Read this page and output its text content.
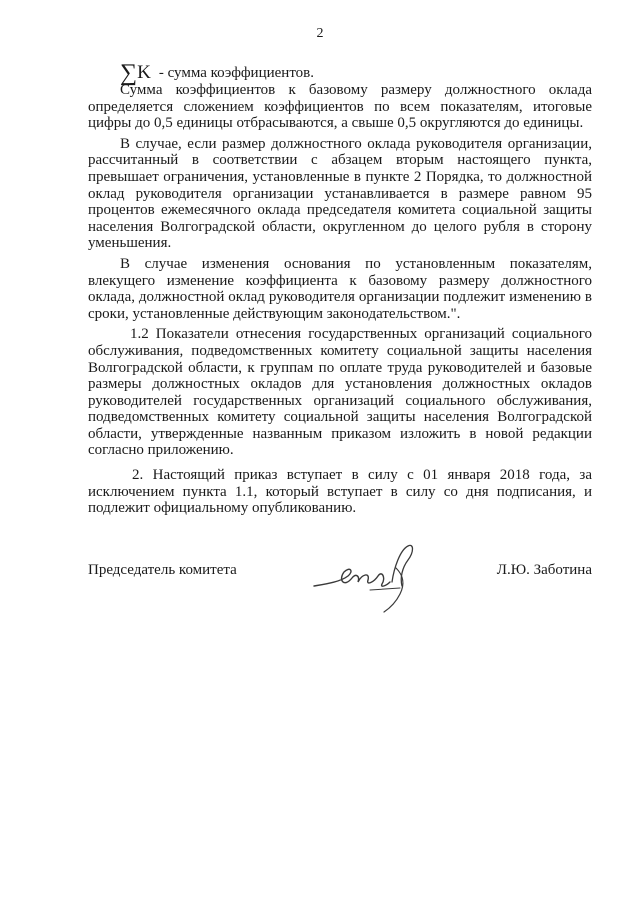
2
∑K - сумма коэффициентов.

Сумма коэффициентов к базовому размеру должностного оклада определяется сложением коэффициентов по всем показателям, итоговые цифры до 0,5 единицы отбрасываются, а свыше 0,5 округляются до единицы.

В случае, если размер должностного оклада руководителя организации, рассчитанный в соответствии с абзацем вторым настоящего пункта, превышает ограничения, установленные в пункте 2 Порядка, то должностной оклад руководителя организации устанавливается в размере равном 95 процентов ежемесячного оклада председателя комитета социальной защиты населения Волгоградской области, округленном до целого рубля в сторону уменьшения.

В случае изменения основания по установленным показателям, влекущего изменение коэффициента к базовому размеру должностного оклада, должностной оклад руководителя организации подлежит изменению в сроки, установленные действующим законодательством.".

1.2 Показатели отнесения государственных организаций социального обслуживания, подведомственных комитету социальной защиты населения Волгоградской области, к группам по оплате труда руководителей и базовые размеры должностных окладов для установления должностных окладов руководителей государственных организаций социального обслуживания, подведомственных комитету социальной защиты населения Волгоградской области, утвержденные названным приказом изложить в новой редакции согласно приложению.

2. Настоящий приказ вступает в силу с 01 января 2018 года, за исключением пункта 1.1, который вступает в силу со дня подписания, и подлежит официальному опубликованию.

Председатель комитета	Л.Ю. Заботина
